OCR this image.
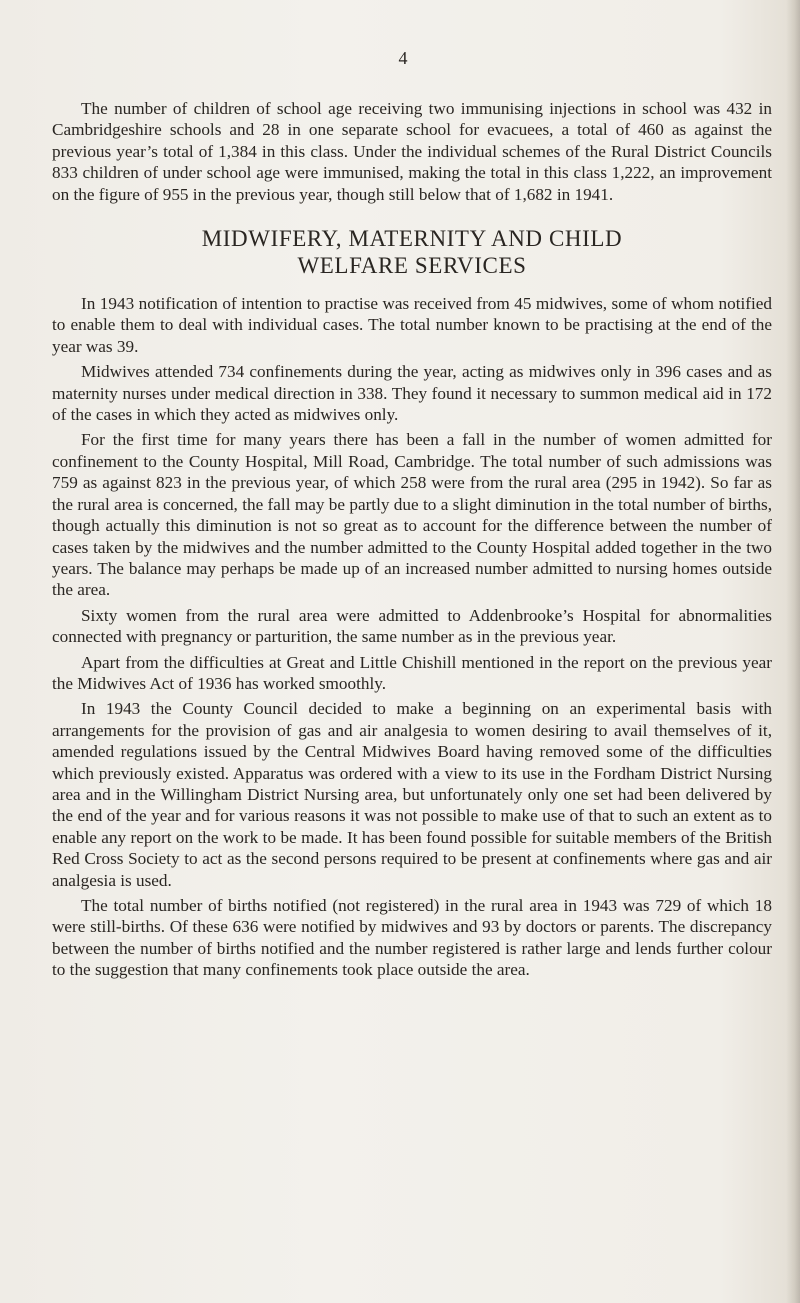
4

The number of children of school age receiving two immunising injections in school was 432 in Cambridgeshire schools and 28 in one separate school for evacuees, a total of 460 as against the previous year’s total of 1,384 in this class. Under the individual schemes of the Rural District Councils 833 children of under school age were immunised, making the total in this class 1,222, an improvement on the figure of 955 in the previous year, though still below that of 1,682 in 1941.

MIDWIFERY, MATERNITY AND CHILD
WELFARE SERVICES

In 1943 notification of intention to practise was received from 45 midwives, some of whom notified to enable them to deal with individual cases. The total number known to be practising at the end of the year was 39.

Midwives attended 734 confinements during the year, acting as midwives only in 396 cases and as maternity nurses under medical direction in 338. They found it necessary to summon medical aid in 172 of the cases in which they acted as midwives only.

For the first time for many years there has been a fall in the number of women admitted for confinement to the County Hospital, Mill Road, Cambridge. The total number of such admissions was 759 as against 823 in the previous year, of which 258 were from the rural area (295 in 1942). So far as the rural area is concerned, the fall may be partly due to a slight diminution in the total number of births, though actually this diminution is not so great as to account for the difference between the number of cases taken by the midwives and the number admitted to the County Hospital added together in the two years. The balance may perhaps be made up of an increased number admitted to nursing homes outside the area.

Sixty women from the rural area were admitted to Addenbrooke’s Hospital for abnormalities connected with pregnancy or parturition, the same number as in the previous year.

Apart from the difficulties at Great and Little Chishill mentioned in the report on the previous year the Midwives Act of 1936 has worked smoothly.

In 1943 the County Council decided to make a beginning on an experimental basis with arrangements for the provision of gas and air analgesia to women desiring to avail themselves of it, amended regulations issued by the Central Midwives Board having removed some of the difficulties which previously existed. Apparatus was ordered with a view to its use in the Fordham District Nursing area and in the Willingham District Nursing area, but unfortunately only one set had been delivered by the end of the year and for various reasons it was not possible to make use of that to such an extent as to enable any report on the work to be made. It has been found possible for suitable members of the British Red Cross Society to act as the second persons required to be present at confinements where gas and air analgesia is used.

The total number of births notified (not registered) in the rural area in 1943 was 729 of which 18 were still-births. Of these 636 were notified by midwives and 93 by doctors or parents. The discrepancy between the number of births notified and the number registered is rather large and lends further colour to the suggestion that many confinements took place outside the area.
